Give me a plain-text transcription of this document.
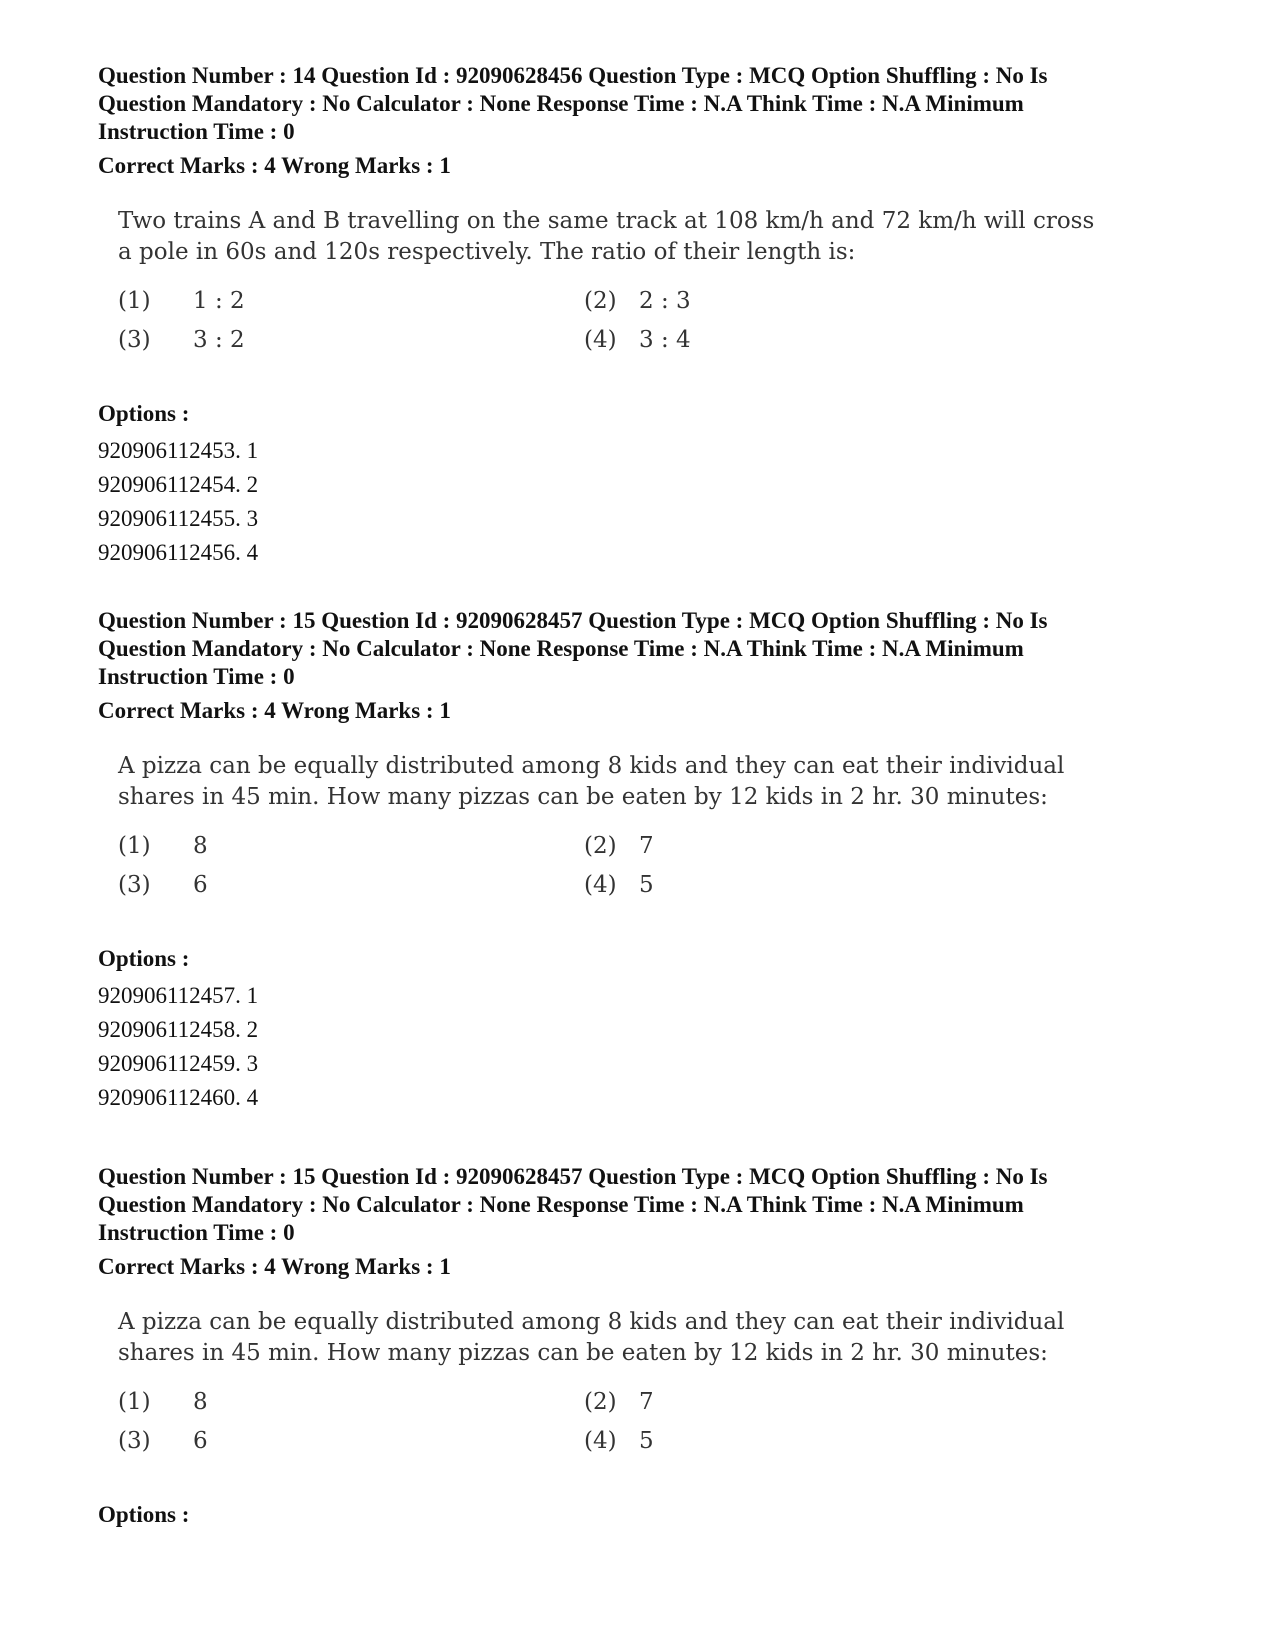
Question Number : 14 Question Id : 92090628456 Question Type : MCQ Option Shuffling : No Is Question Mandatory : No Calculator : None Response Time : N.A Think Time : N.A Minimum Instruction Time : 0

Correct Marks : 4 Wrong Marks : 1

Two trains A and B travelling on the same track at 108 km/h and 72 km/h will cross a pole in 60s and 120s respectively. The ratio of their length is:

(1) 1 : 2	(2) 2 : 3
(3) 3 : 2	(4) 3 : 4
Options :
920906112453. 1
920906112454. 2
920906112455. 3
920906112456. 4

Question Number : 15 Question Id : 92090628457 Question Type : MCQ Option Shuffling : No Is Question Mandatory : No Calculator : None Response Time : N.A Think Time : N.A Minimum Instruction Time : 0

Correct Marks : 4 Wrong Marks : 1

A pizza can be equally distributed among 8 kids and they can eat their individual shares in 45 min. How many pizzas can be eaten by 12 kids in 2 hr. 30 minutes:

(1) 8	(2) 7
(3) 6	(4) 5
Options :
920906112457. 1
920906112458. 2
920906112459. 3
920906112460. 4

Question Number : 15 Question Id : 92090628457 Question Type : MCQ Option Shuffling : No Is Question Mandatory : No Calculator : None Response Time : N.A Think Time : N.A Minimum Instruction Time : 0

Correct Marks : 4 Wrong Marks : 1

A pizza can be equally distributed among 8 kids and they can eat their individual shares in 45 min. How many pizzas can be eaten by 12 kids in 2 hr. 30 minutes:

(1) 8	(2) 7
(3) 6	(4) 5
Options :
